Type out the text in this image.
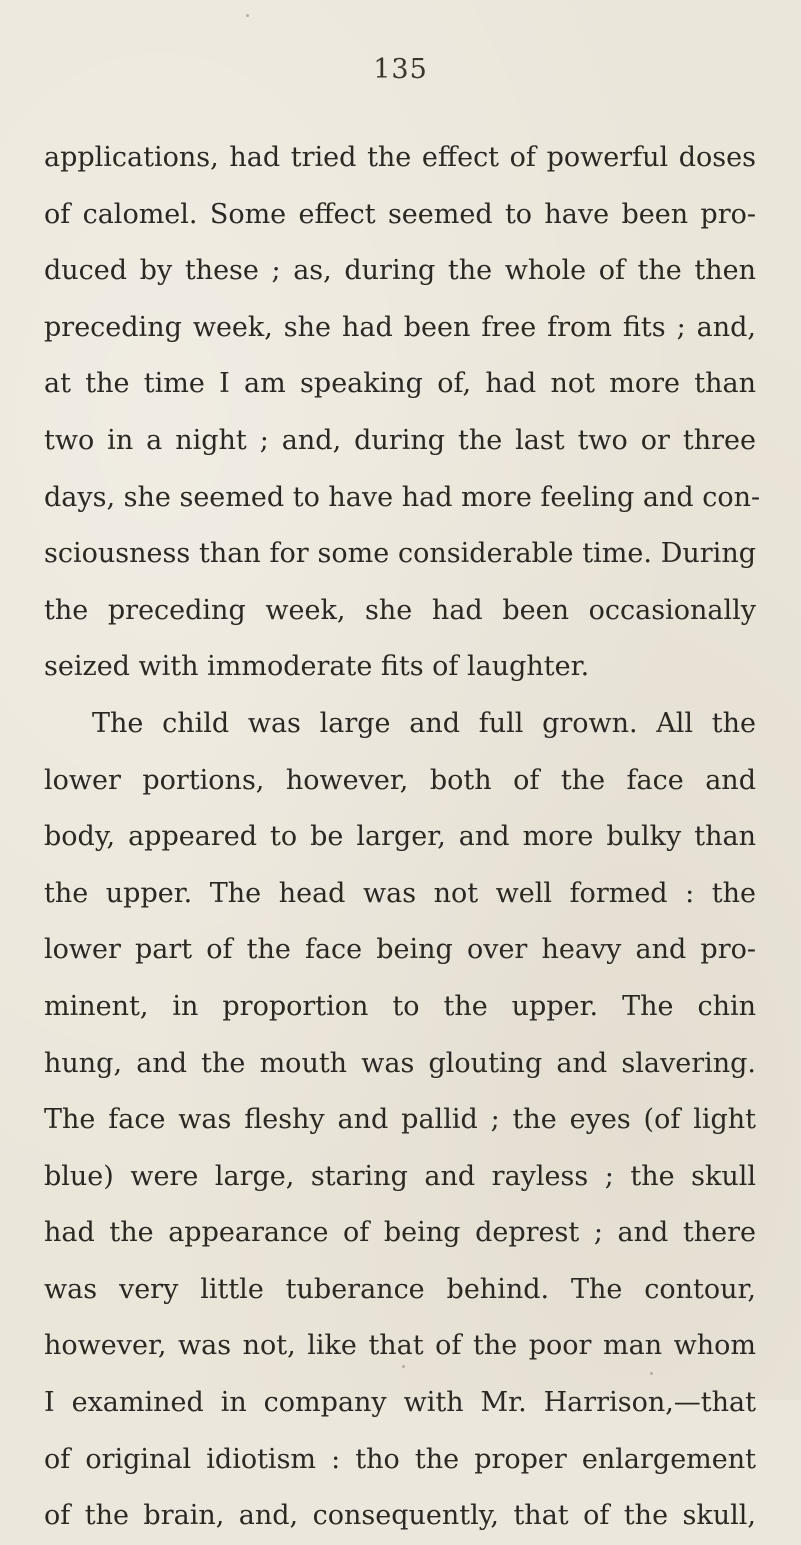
135
applications, had tried the effect of powerful doses
of calomel. Some effect seemed to have been pro-
duced by these ; as, during the whole of the then
preceding week, she had been free from fits ; and,
at the time I am speaking of, had not more than
two in a night ; and, during the last two or three
days, she seemed to have had more feeling and con-
sciousness than for some considerable time. During
the preceding week, she had been occasionally
seized with immoderate fits of laughter.
The child was large and full grown. All the
lower portions, however, both of the face and
body, appeared to be larger, and more bulky than
the upper. The head was not well formed : the
lower part of the face being over heavy and pro-
minent, in proportion to the upper. The chin
hung, and the mouth was glouting and slavering.
The face was fleshy and pallid ; the eyes (of light
blue) were large, staring and rayless ; the skull
had the appearance of being deprest ; and there
was very little tuberance behind. The contour,
however, was not, like that of the poor man whom
I examined in company with Mr. Harrison,—that
of original idiotism : tho the proper enlargement
of the brain, and, consequently, that of the skull,
